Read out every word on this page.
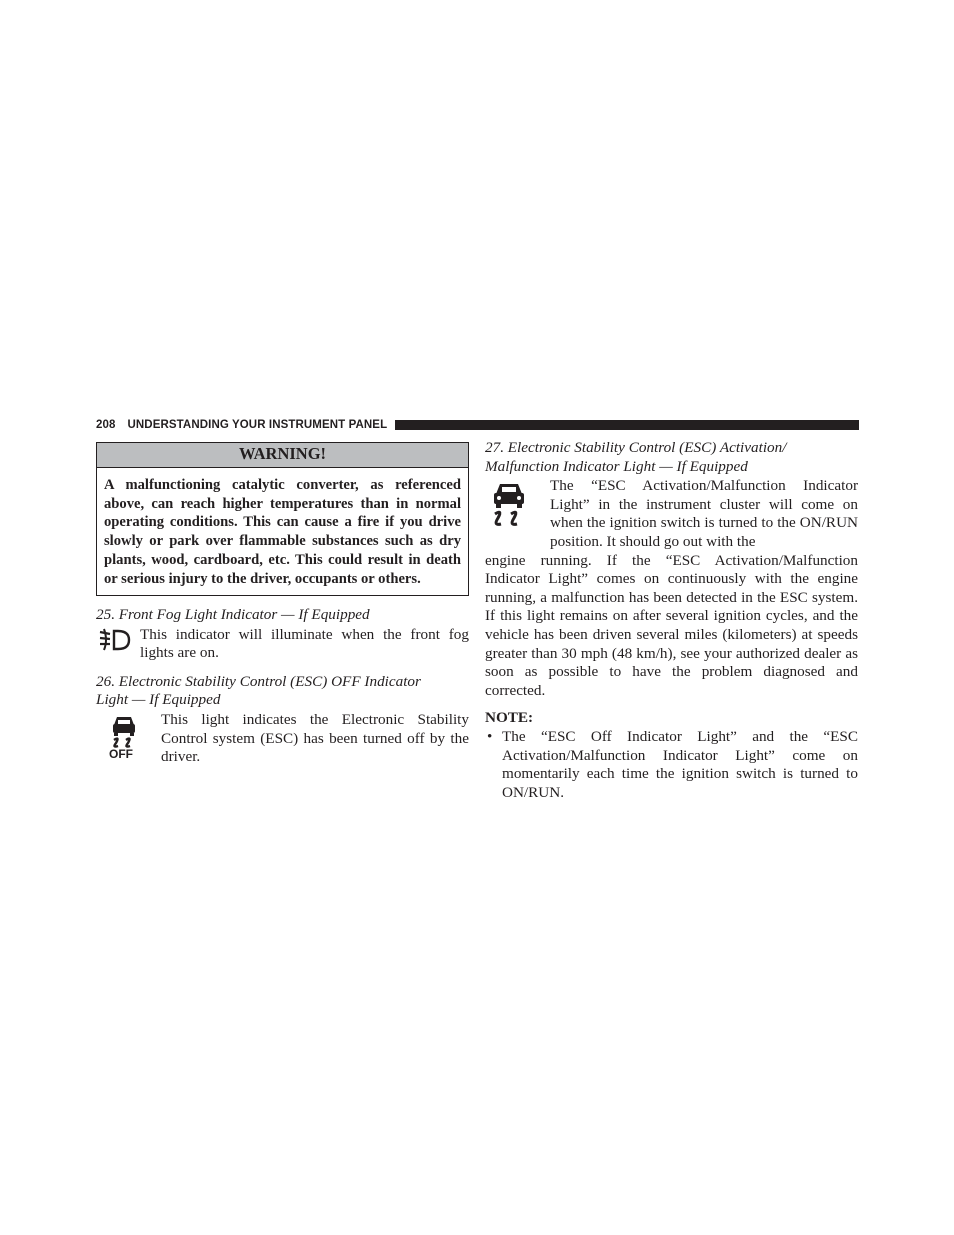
208 UNDERSTANDING YOUR INSTRUMENT PANEL
WARNING!
A malfunctioning catalytic converter, as referenced above, can reach higher temperatures than in normal operating conditions. This can cause a fire if you drive slowly or park over flammable substances such as dry plants, wood, cardboard, etc. This could result in death or serious injury to the driver, occupants or others.
25. Front Fog Light Indicator — If Equipped
This indicator will illuminate when the front fog lights are on.
26. Electronic Stability Control (ESC) OFF Indicator
Light — If Equipped
OFF
This light indicates the Electronic Stability Control system (ESC) has been turned off by the driver.
27. Electronic Stability Control (ESC) Activation/
Malfunction Indicator Light — If Equipped
The “ESC Activation/Malfunction Indicator Light” in the instrument cluster will come on when the ignition switch is turned to the ON/RUN position. It should go out with the
engine running. If the “ESC Activation/Malfunction Indicator Light” comes on continuously with the engine running, a malfunction has been detected in the ESC system. If this light remains on after several ignition cycles, and the vehicle has been driven several miles (kilometers) at speeds greater than 30 mph (48 km/h), see your authorized dealer as soon as possible to have the problem diagnosed and corrected.
NOTE:
• The “ESC Off Indicator Light” and the “ESC Activation/Malfunction Indicator Light” come on momentarily each time the ignition switch is turned to ON/RUN.
